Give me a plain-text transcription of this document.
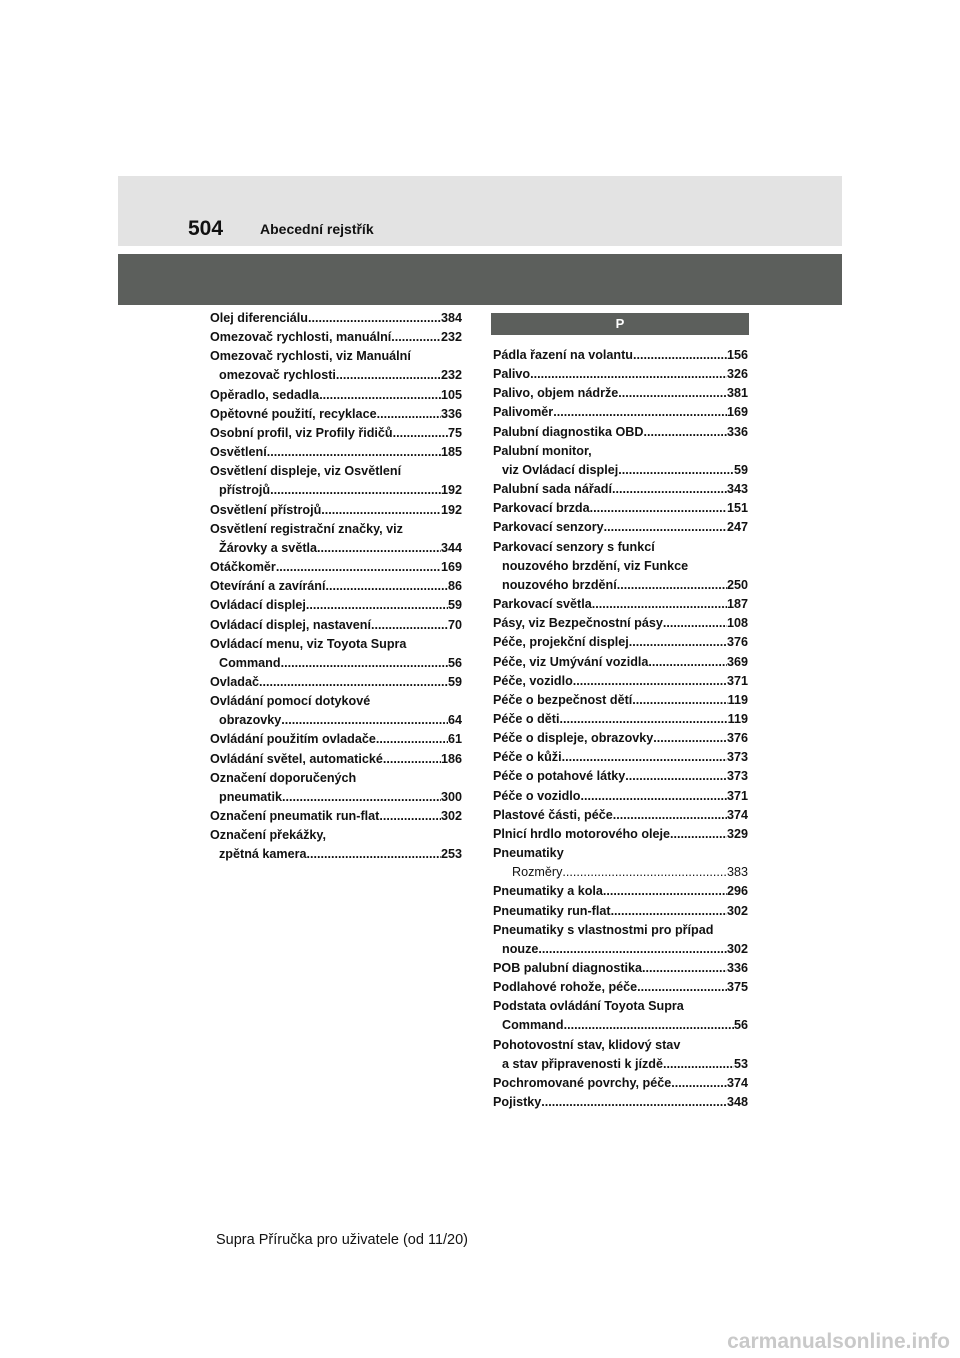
504	Abecední rejstřík
Olej diferenciálu .....	384
Omezovač rychlosti, manuální .....	232
Omezovač rychlosti, viz Manuální
omezovač rychlosti .....	232
Opěradlo, sedadla .....	105
Opětovné použití, recyklace .....	336
Osobní profil, viz Profily řidičů .....	75
Osvětlení .....	185
Osvětlení displeje, viz Osvětlení
přístrojů .....	192
Osvětlení přístrojů .....	192
Osvětlení registrační značky, viz
Žárovky a světla .....	344
Otáčkoměr .....	169
Otevírání a zavírání .....	86
Ovládací displej .....	59
Ovládací displej, nastavení .....	70
Ovládací menu, viz Toyota Supra
Command .....	56
Ovladač .....	59
Ovládání pomocí dotykové
obrazovky .....	64
Ovládání použitím ovladače .....	61
Ovládání světel, automatické .....	186
Označení doporučených
pneumatik .....	300
Označení pneumatik run-flat .....	302
Označení překážky,
zpětná kamera .....	253
P
Pádla řazení na volantu .....	156
Palivo .....	326
Palivo, objem nádrže .....	381
Palivoměr .....	169
Palubní diagnostika OBD .....	336
Palubní monitor,
viz Ovládací displej .....	59
Palubní sada nářadí .....	343
Parkovací brzda .....	151
Parkovací senzory .....	247
Parkovací senzory s funkcí
nouzového brzdění, viz Funkce
nouzového brzdění .....	250
Parkovací světla .....	187
Pásy, viz Bezpečnostní pásy .....	108
Péče, projekční displej .....	376
Péče, viz Umývání vozidla .....	369
Péče, vozidlo .....	371
Péče o bezpečnost dětí .....	119
Péče o děti .....	119
Péče o displeje, obrazovky .....	376
Péče o kůži .....	373
Péče o potahové látky .....	373
Péče o vozidlo .....	371
Plastové části, péče .....	374
Plnicí hrdlo motorového oleje .....	329
Pneumatiky
Rozměry .....	383
Pneumatiky a kola .....	296
Pneumatiky run-flat .....	302
Pneumatiky s vlastnostmi pro případ
nouze .....	302
POB palubní diagnostika .....	336
Podlahové rohože, péče .....	375
Podstata ovládání Toyota Supra
Command .....	56
Pohotovostní stav, klidový stav
a stav připravenosti k jízdě .....	53
Pochromované povrchy, péče .....	374
Pojistky .....	348
Supra Příručka pro uživatele (od 11/20)
carmanualsonline.info
